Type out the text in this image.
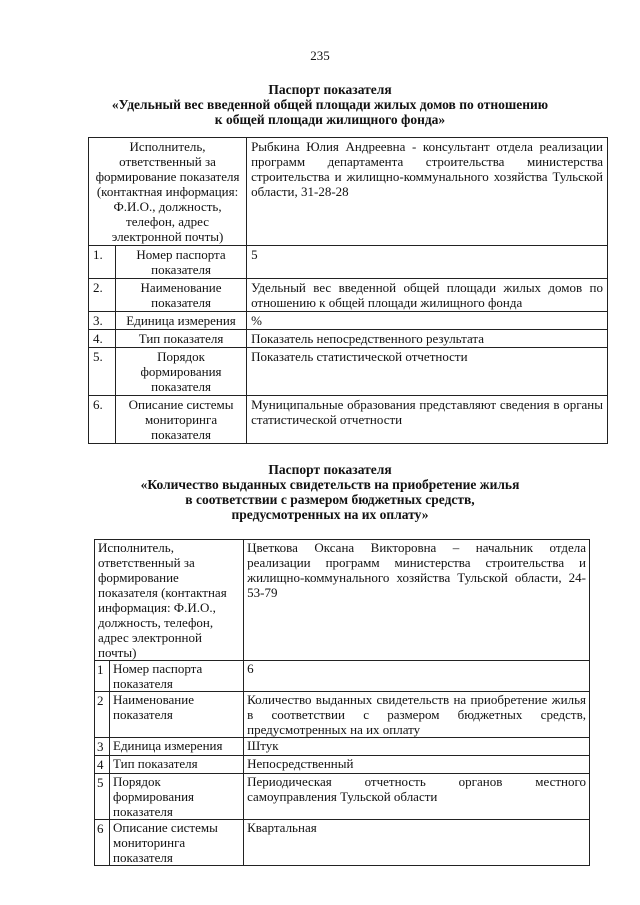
235
Паспорт показателя
«Удельный вес введенной общей площади жилых домов по отношению
к общей площади жилищного фонда»
Исполнитель, ответственный за формирование показателя (контактная информация: Ф.И.О., должность, телефон, адрес электронной почты)		Рыбкина Юлия Андреевна - консультант отдела реализации программ департамента строительства министерства строительства и жилищно-коммунального хозяйства Тульской области, 31-28-28
1.	Номер паспорта показателя	5
2.	Наименование показателя	Удельный вес введенной общей площади жилых домов по отношению к общей площади жилищного фонда
3.	Единица измерения	%
4.	Тип показателя	Показатель непосредственного результата
5.	Порядок формирования показателя	Показатель статистической отчетности
6.	Описание системы мониторинга показателя	Муниципальные образования представляют сведения в органы статистической отчетности
Паспорт показателя
«Количество выданных свидетельств на приобретение жилья
в соответствии с размером бюджетных средств,
предусмотренных на их оплату»
Исполнитель, ответственный за формирование показателя (контактная информация: Ф.И.О., должность, телефон, адрес электронной почты)		Цветкова Оксана Викторовна – начальник отдела реализации программ министерства строительства и жилищно-коммунального хозяйства Тульской области, 24-53-79
1	Номер паспорта показателя	6
2	Наименование показателя	Количество выданных свидетельств на приобретение жилья в соответствии с размером бюджетных средств, предусмотренных на их оплату
3	Единица измерения	Штук
4	Тип показателя	Непосредственный
5	Порядок формирования показателя	Периодическая отчетность органов местного самоуправления Тульской области
6	Описание системы мониторинга показателя	Квартальная
